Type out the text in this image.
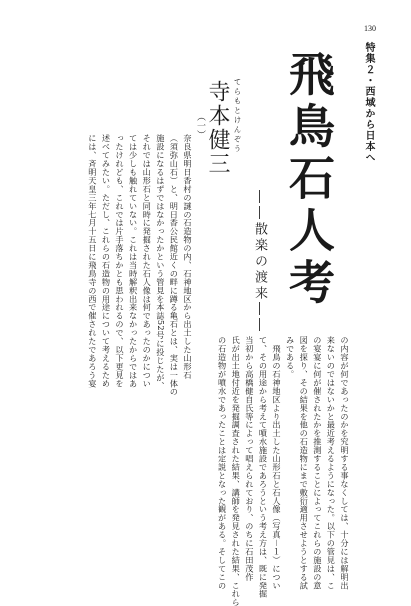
130
特集２・西域から日本へ
飛鳥石人考
――散楽の渡来――
てらもとけんぞう
寺本健三
（一）
奈良県明日香村の謎の石造物の内、石神地区から出土した山形石
（須弥山石）と、明日香公民館近くの畔に蹲る亀石とは、実は一体の
施設になるはずではなかったかという管見を本誌52号に投じたが、
それでは山形石と同時に発掘された石人像は何であったのかについ
ては少しも触れていない。これは当時解釈出来なかったからではあ
ったけれども、これでは片手落ちかとも思われるので、以下更見を
述べてみたい。ただし、これらの石造物の用途について考えるため
には、斉明天皇三年七月十五日に飛鳥寺の西で催されたであろう宴
の内容が何であったのかを究明する事なくしては、十分には解明出
来ないのではないかと最近考えるようになった。以下の管見は、こ
の宴宴に何が催されたかを推測することによってこれらの施設の意
図を探り、その結果を他の石造物にまで敷衍適用させようとする試
みである。
　飛鳥の石神地区より出土した山形石と石人像（写真－１）につい
て、その用途から考えて噴水施設であろうという考え方は、既に発掘
当初から高橋健自氏等によって唱えられており、のちに石田茂作
氏が出土地付近を発掘調査された結果、講師を発見された結果、これら
の石造物が噴水であったことは定説となった観がある。そしてこの
